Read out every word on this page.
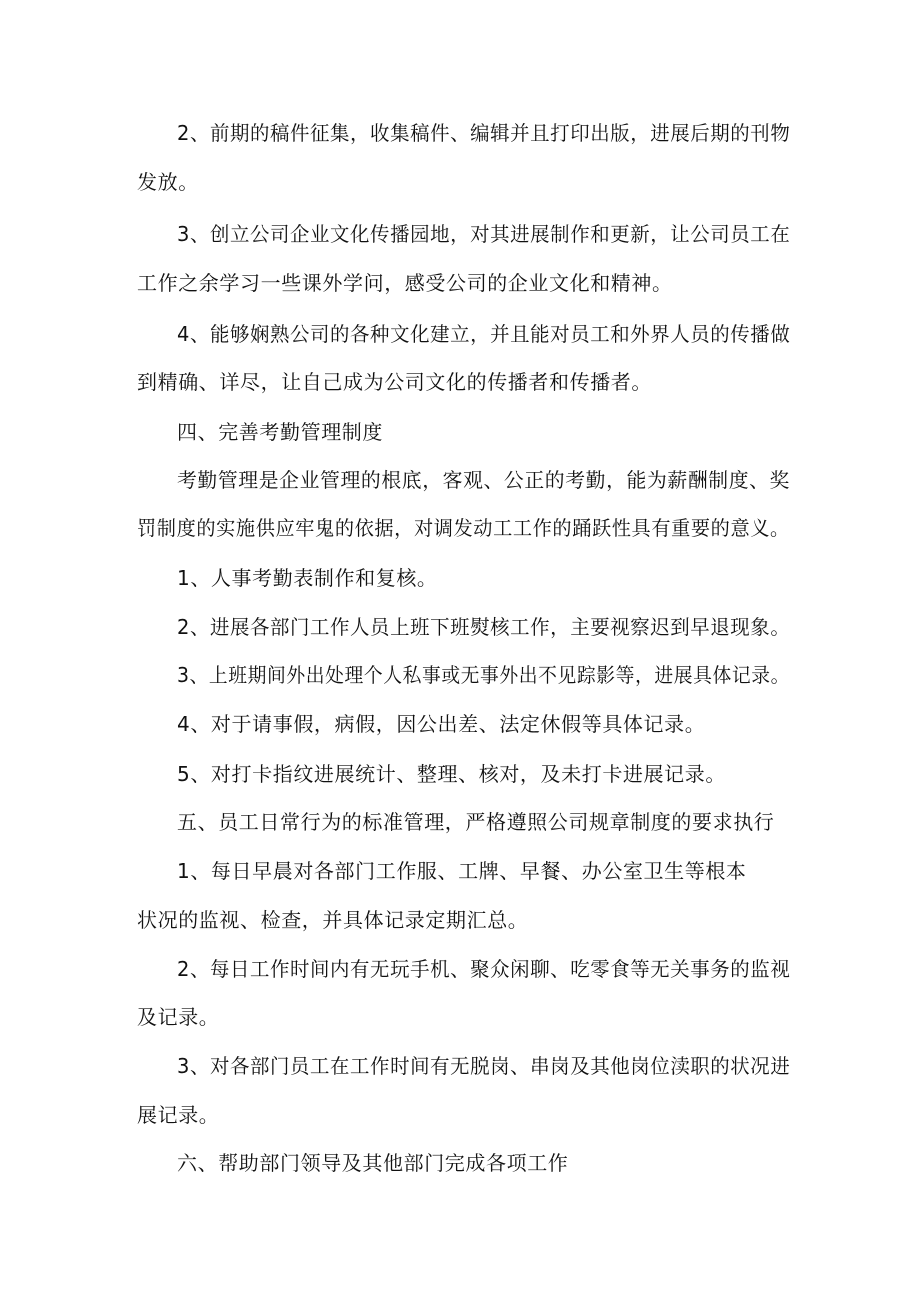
2、前期的稿件征集，收集稿件、编辑并且打印出版，进展后期的刊物
发放。
3、创立公司企业文化传播园地，对其进展制作和更新，让公司员工在
工作之余学习一些课外学问，感受公司的企业文化和精神。
4、能够娴熟公司的各种文化建立，并且能对员工和外界人员的传播做
到精确、详尽，让自己成为公司文化的传播者和传播者。
四、完善考勤管理制度
考勤管理是企业管理的根底，客观、公正的考勤，能为薪酬制度、奖
罚制度的实施供应牢鬼的依据，对调发动工工作的踊跃性具有重要的意义。
1、人事考勤表制作和复核。
2、进展各部门工作人员上班下班熨核工作，主要视察迟到早退现象。
3、上班期间外出处理个人私事或无事外出不见踪影等，进展具体记录。
4、对于请事假，病假，因公出差、法定休假等具体记录。
5、对打卡指纹进展统计、整理、核对，及未打卡进展记录。
五、员工日常行为的标准管理，严格遵照公司规章制度的要求执行
1、每日早晨对各部门工作服、工牌、早餐、办公室卫生等根本
状况的监视、检查，并具体记录定期汇总。
2、每日工作时间内有无玩手机、聚众闲聊、吃零食等无关事务的监视
及记录。
3、对各部门员工在工作时间有无脱岗、串岗及其他岗位渎职的状况进
展记录。
六、帮助部门领导及其他部门完成各项工作
